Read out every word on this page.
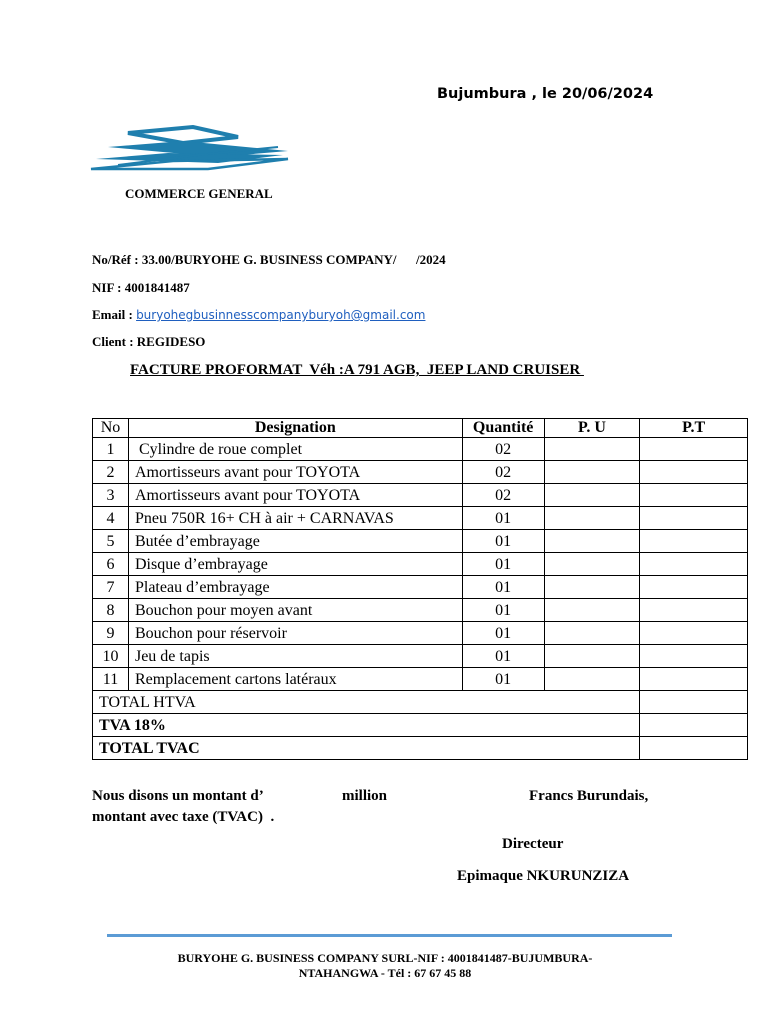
Bujumbura , le 20/06/2024
COMMERCE GENERAL
No/Réf : 33.00/BURYOHE G. BUSINESS COMPANY/      /2024
NIF : 4001841487
Email : buryohegbusinnesscompanyburyoh@gmail.com
Client : REGIDESO
FACTURE PROFORMAT  Véh :A 791 AGB,  JEEP LAND CRUISER
No	Designation	Quantité	P. U	P.T
1	Cylindre de roue complet	02		
2	Amortisseurs avant pour TOYOTA	02		
3	Amortisseurs avant pour TOYOTA	02		
4	Pneu 750R 16+ CH à air + CARNAVAS	01		
5	Butée d’embrayage	01		
6	Disque d’embrayage	01		
7	Plateau d’embrayage	01		
8	Bouchon pour moyen avant	01		
9	Bouchon pour réservoir	01		
10	Jeu de tapis	01		
11	Remplacement cartons latéraux	01		
TOTAL HTVA				
TVA 18%				
TOTAL TVAC				
Nous disons un montant d’	million	Francs Burundais,
montant avec taxe (TVAC)  .
Directeur
Epimaque NKURUNZIZA
BURYOHE G. BUSINESS COMPANY SURL-NIF : 4001841487-BUJUMBURA-
NTAHANGWA - Tél : 67 67 45 88
